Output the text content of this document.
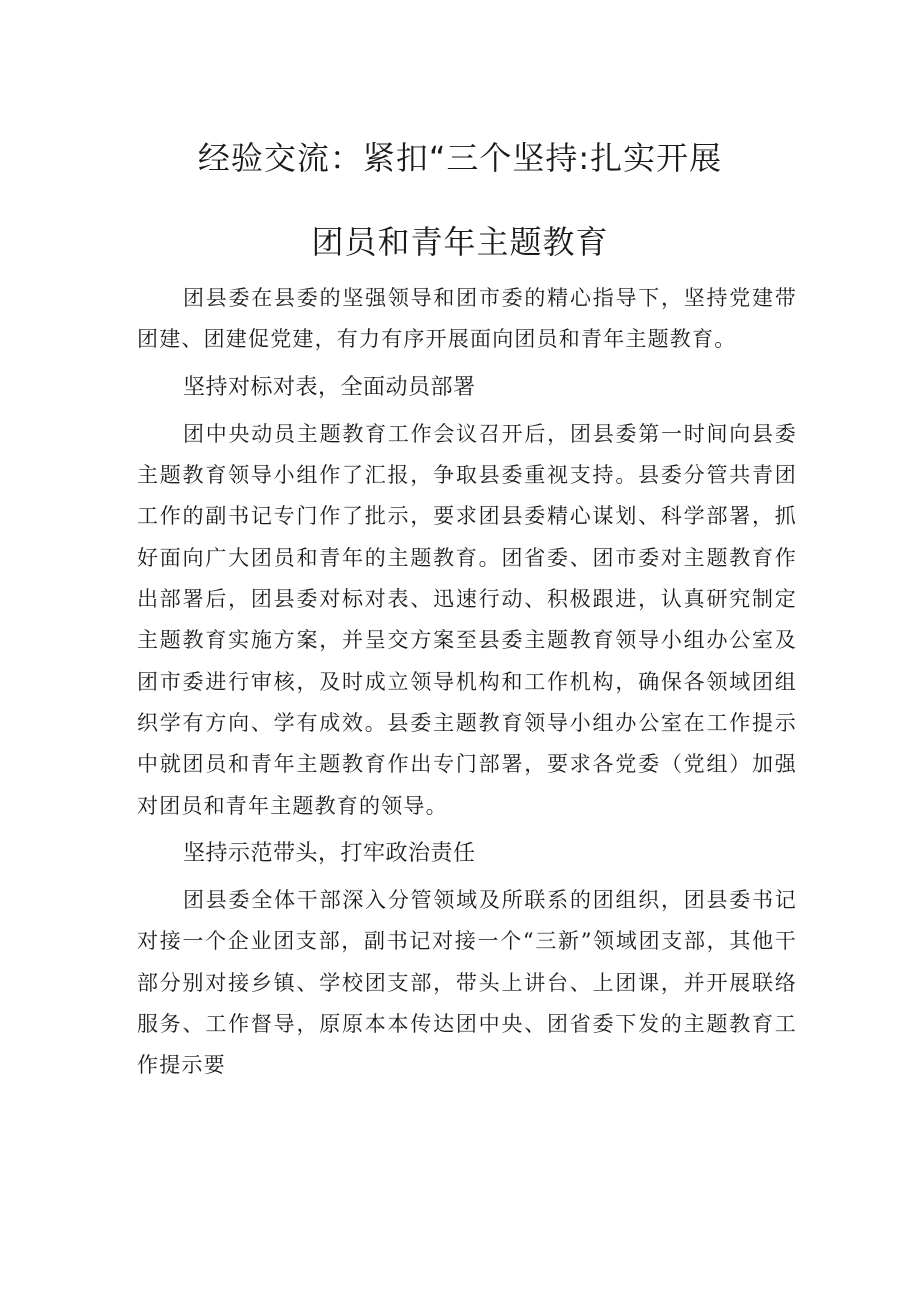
经验交流：紧扣“三个坚持:扎实开展
团员和青年主题教育

团县委在县委的坚强领导和团市委的精心指导下，坚持党建带团建、团建促党建，有力有序开展面向团员和青年主题教育。

坚持对标对表，全面动员部署

团中央动员主题教育工作会议召开后，团县委第一时间向县委主题教育领导小组作了汇报，争取县委重视支持。县委分管共青团工作的副书记专门作了批示，要求团县委精心谋划、科学部署，抓好面向广大团员和青年的主题教育。团省委、团市委对主题教育作出部署后，团县委对标对表、迅速行动、积极跟进，认真研究制定主题教育实施方案，并呈交方案至县委主题教育领导小组办公室及团市委进行审核，及时成立领导机构和工作机构，确保各领域团组织学有方向、学有成效。县委主题教育领导小组办公室在工作提示中就团员和青年主题教育作出专门部署，要求各党委（党组）加强对团员和青年主题教育的领导。

坚持示范带头，打牢政治责任

团县委全体干部深入分管领域及所联系的团组织，团县委书记对接一个企业团支部，副书记对接一个“三新”领域团支部，其他干部分别对接乡镇、学校团支部，带头上讲台、上团课，并开展联络服务、工作督导，原原本本传达团中央、团省委下发的主题教育工作提示要
